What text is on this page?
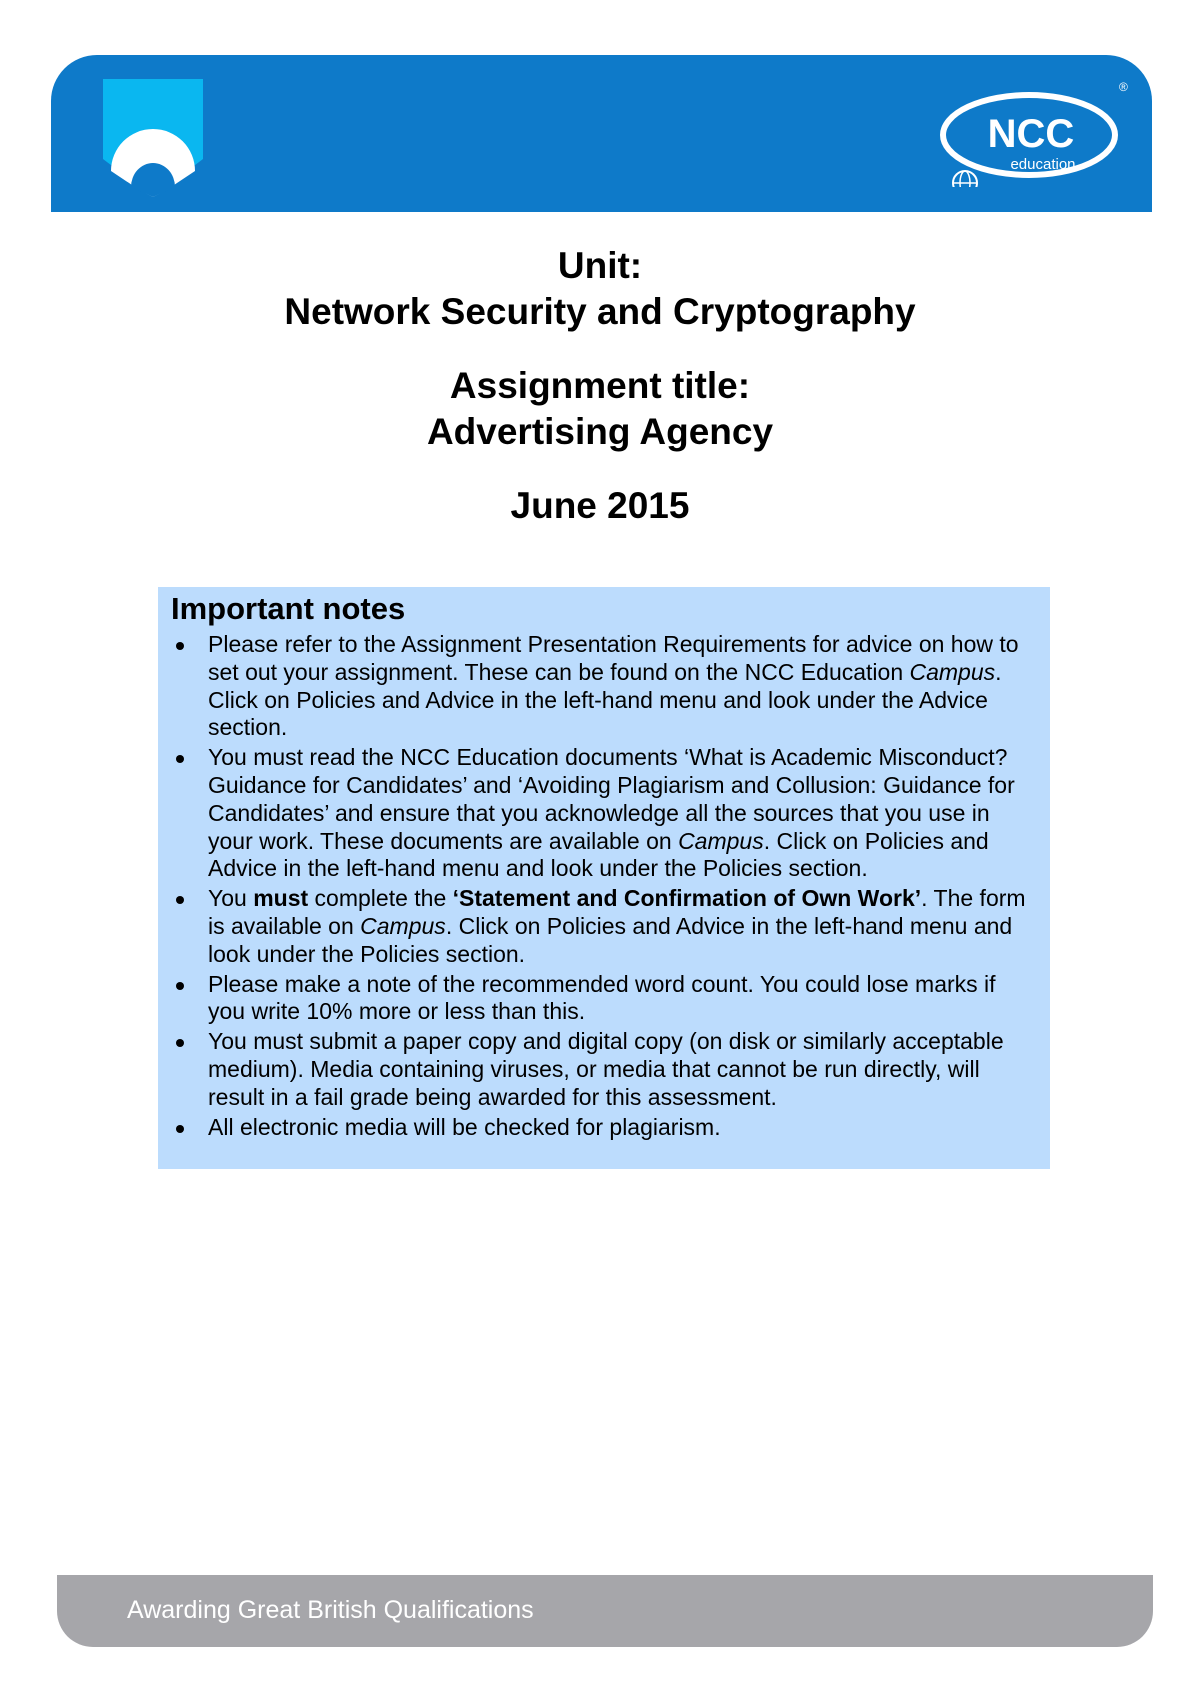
NCC
education
®
Unit:
Network Security and Cryptography
Assignment title:
Advertising Agency
June 2015
Important notes
Please refer to the Assignment Presentation Requirements for advice on how to set out your assignment. These can be found on the NCC Education Campus. Click on Policies and Advice in the left-hand menu and look under the Advice section.
You must read the NCC Education documents ‘What is Academic Misconduct? Guidance for Candidates’ and ‘Avoiding Plagiarism and Collusion: Guidance for Candidates’ and ensure that you acknowledge all the sources that you use in your work. These documents are available on Campus. Click on Policies and Advice in the left-hand menu and look under the Policies section.
You must complete the ‘Statement and Confirmation of Own Work’. The form is available on Campus. Click on Policies and Advice in the left-hand menu and look under the Policies section.
Please make a note of the recommended word count. You could lose marks if you write 10% more or less than this.
You must submit a paper copy and digital copy (on disk or similarly acceptable medium). Media containing viruses, or media that cannot be run directly, will result in a fail grade being awarded for this assessment.
All electronic media will be checked for plagiarism.
Awarding Great British Qualifications
